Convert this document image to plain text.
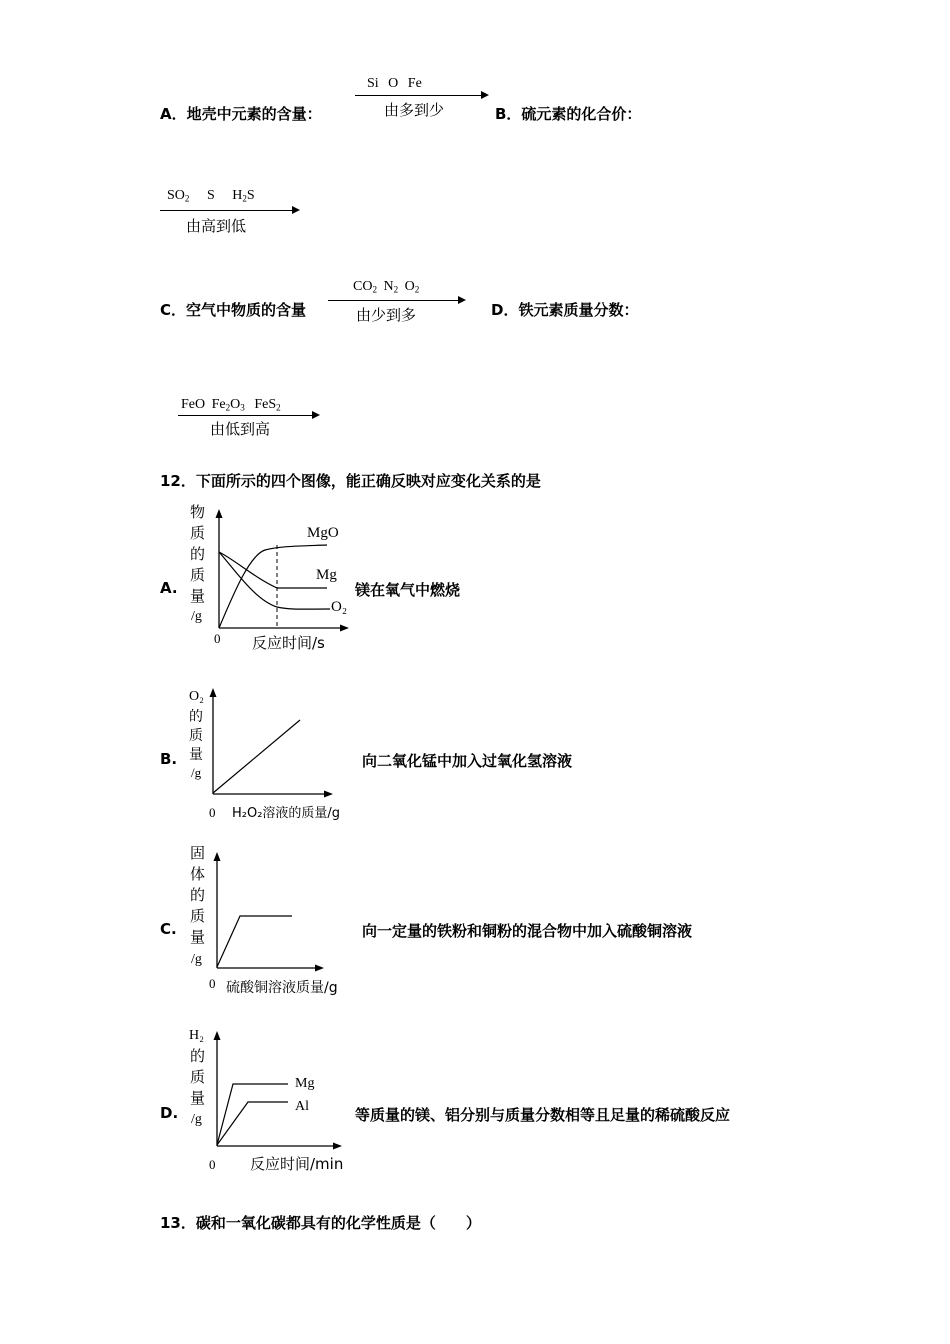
A．地壳中元素的含量：
Si O Fe
由多到少	B．硫元素的化合价：
$SO_2$ S $H_2S$
由高到低
C．空气中物质的含量
$CO_2$ $N_2$ $O_2$
由少到多	D．铁元素质量分数：
FeO $Fe_2O_3$ FeS$_2$
由低到高
12．下面所示的四个图像，能正确反映对应变化关系的是
A.
物
质
的
质
量
/g
0 反应时间/s
MgO
Mg
O₂
镁在氧气中燃烧
B.
O₂
的
质
量
/g
0 H₂O₂溶液的质量/g
向二氧化锰中加入过氧化氢溶液
C.
固
体
的
质
量
/g
0 硫酸铜溶液质量/g
向一定量的铁粉和铜粉的混合物中加入硫酸铜溶液
D.
H₂
的
质
量
/g
Mg
Al
0 反应时间/min
等质量的镁、铝分别与质量分数相等且足量的稀硫酸反应
13．碳和一氧化碳都具有的化学性质是（　　）
